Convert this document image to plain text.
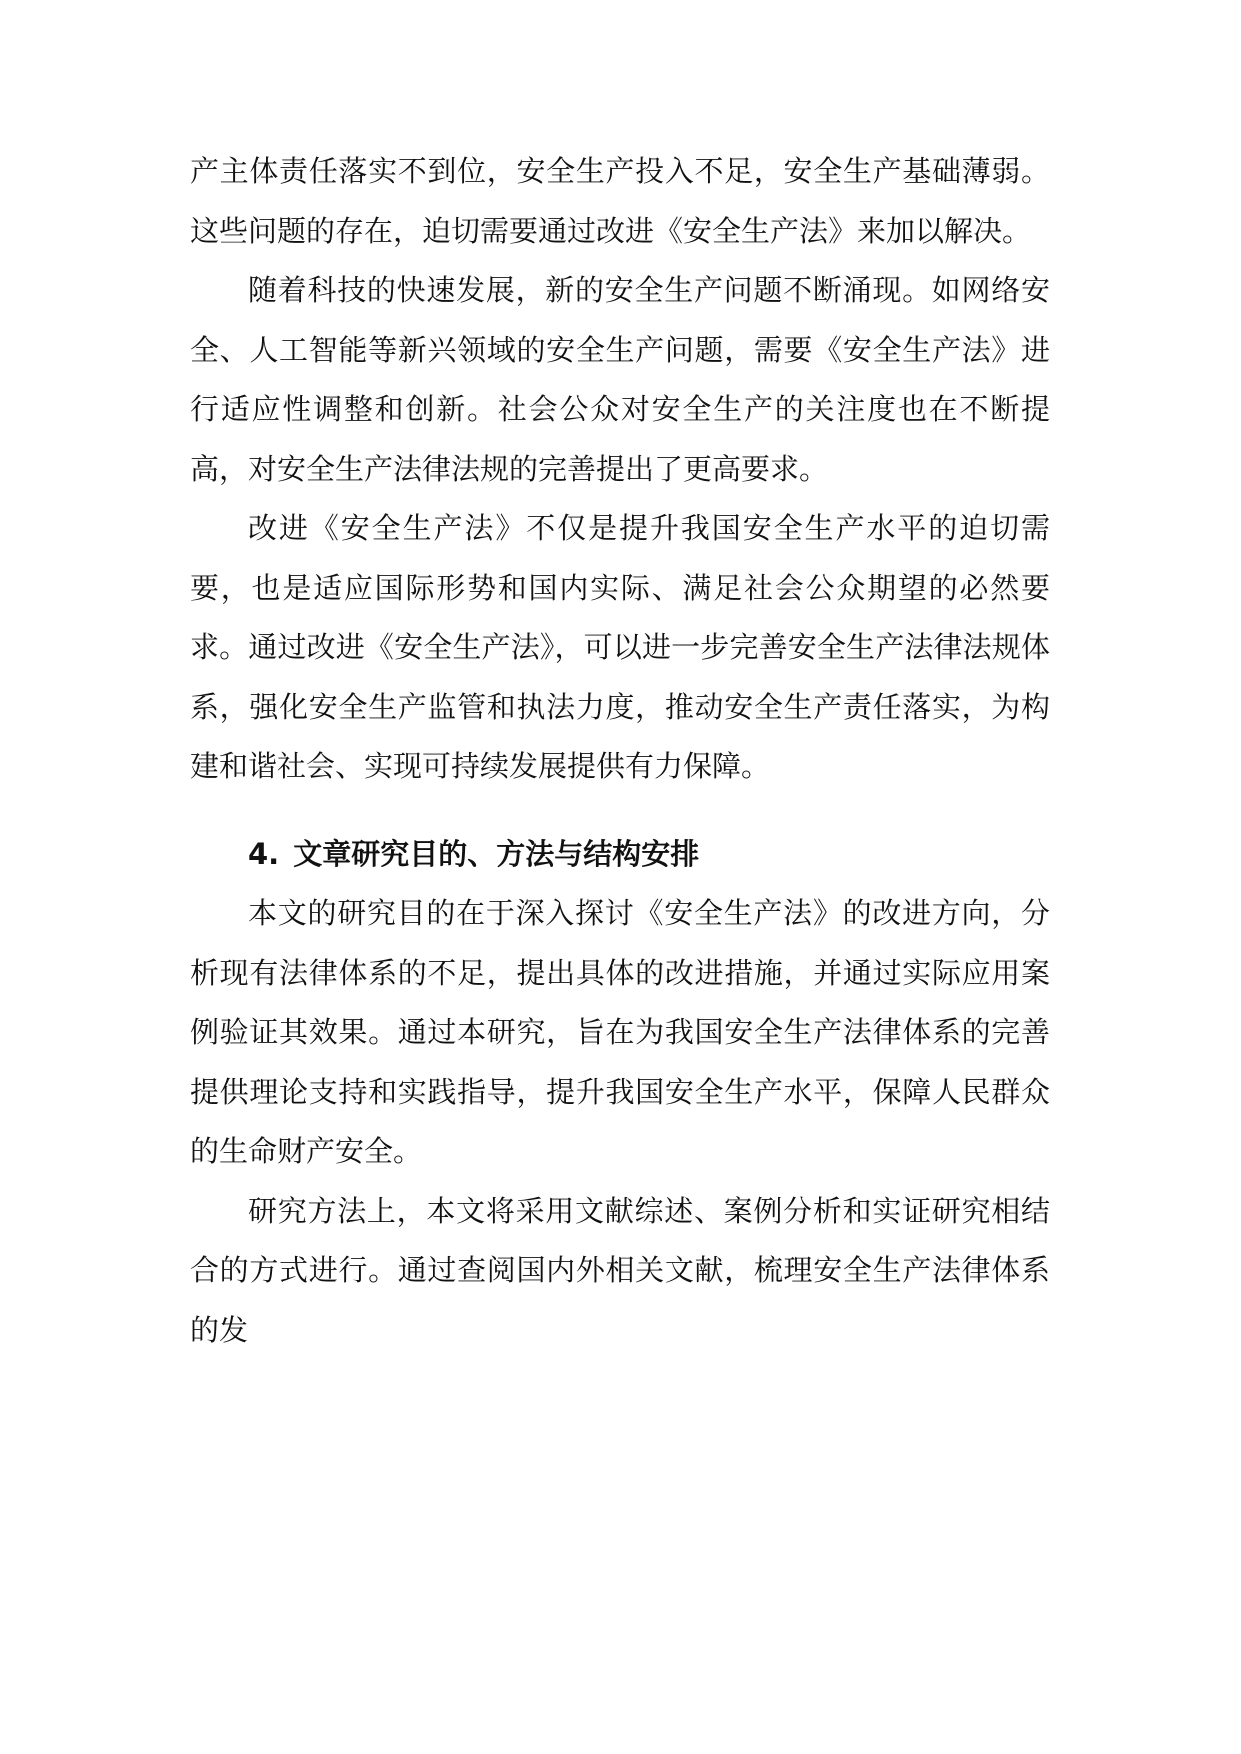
产主体责任落实不到位，安全生产投入不足，安全生产基础薄弱。这些问题的存在，迫切需要通过改进《安全生产法》来加以解决。

随着科技的快速发展，新的安全生产问题不断涌现。如网络安全、人工智能等新兴领域的安全生产问题，需要《安全生产法》进行适应性调整和创新。社会公众对安全生产的关注度也在不断提高，对安全生产法律法规的完善提出了更高要求。

改进《安全生产法》不仅是提升我国安全生产水平的迫切需要，也是适应国际形势和国内实际、满足社会公众期望的必然要求。通过改进《安全生产法》，可以进一步完善安全生产法律法规体系，强化安全生产监管和执法力度，推动安全生产责任落实，为构建和谐社会、实现可持续发展提供有力保障。

4. 文章研究目的、方法与结构安排

本文的研究目的在于深入探讨《安全生产法》的改进方向，分析现有法律体系的不足，提出具体的改进措施，并通过实际应用案例验证其效果。通过本研究，旨在为我国安全生产法律体系的完善提供理论支持和实践指导，提升我国安全生产水平，保障人民群众的生命财产安全。

研究方法上，本文将采用文献综述、案例分析和实证研究相结合的方式进行。通过查阅国内外相关文献，梳理安全生产法律体系的发
